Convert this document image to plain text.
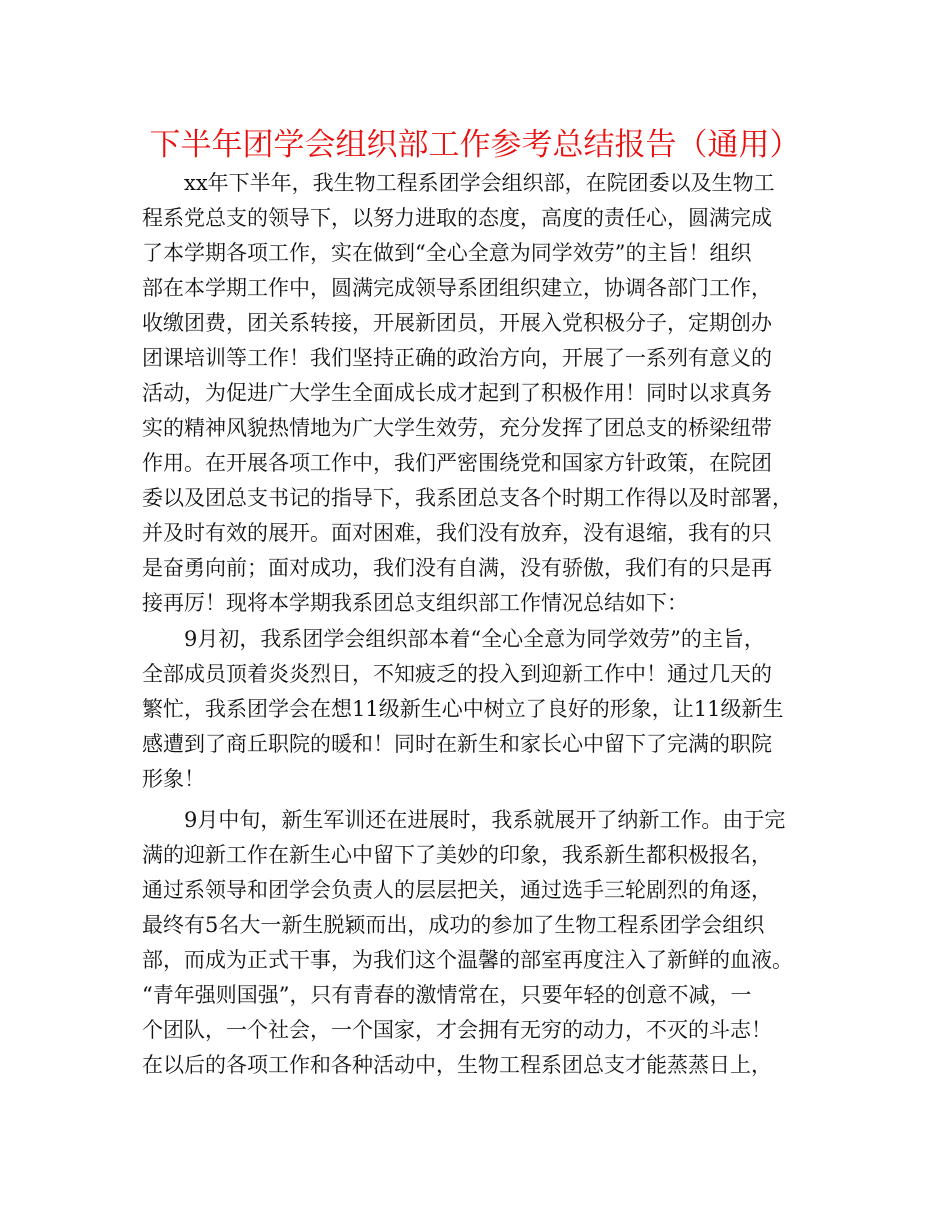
下半年团学会组织部工作参考总结报告（通用）
xx年下半年，我生物工程系团学会组织部，在院团委以及生物工
程系党总支的领导下，以努力进取的态度，高度的责任心，圆满完成
了本学期各项工作，实在做到“全心全意为同学效劳”的主旨！组织
部在本学期工作中，圆满完成领导系团组织建立，协调各部门工作，
收缴团费，团关系转接，开展新团员，开展入党积极分子，定期创办
团课培训等工作！我们坚持正确的政治方向，开展了一系列有意义的
活动，为促进广大学生全面成长成才起到了积极作用！同时以求真务
实的精神风貌热情地为广大学生效劳，充分发挥了团总支的桥梁纽带
作用。在开展各项工作中，我们严密围绕党和国家方针政策，在院团
委以及团总支书记的指导下，我系团总支各个时期工作得以及时部署，
并及时有效的展开。面对困难，我们没有放弃，没有退缩，我有的只
是奋勇向前；面对成功，我们没有自满，没有骄傲，我们有的只是再
接再厉！现将本学期我系团总支组织部工作情况总结如下：
9月初，我系团学会组织部本着“全心全意为同学效劳”的主旨，
全部成员顶着炎炎烈日，不知疲乏的投入到迎新工作中！通过几天的
繁忙，我系团学会在想11级新生心中树立了良好的形象，让11级新生
感遭到了商丘职院的暖和！同时在新生和家长心中留下了完满的职院
形象！
9月中旬，新生军训还在进展时，我系就展开了纳新工作。由于完
满的迎新工作在新生心中留下了美妙的印象，我系新生都积极报名，
通过系领导和团学会负责人的层层把关，通过选手三轮剧烈的角逐，
最终有5名大一新生脱颖而出，成功的参加了生物工程系团学会组织
部，而成为正式干事，为我们这个温馨的部室再度注入了新鲜的血液。
“青年强则国强”，只有青春的激情常在，只要年轻的创意不减，一
个团队，一个社会，一个国家，才会拥有无穷的动力，不灭的斗志！
在以后的各项工作和各种活动中，生物工程系团总支才能蒸蒸日上，
